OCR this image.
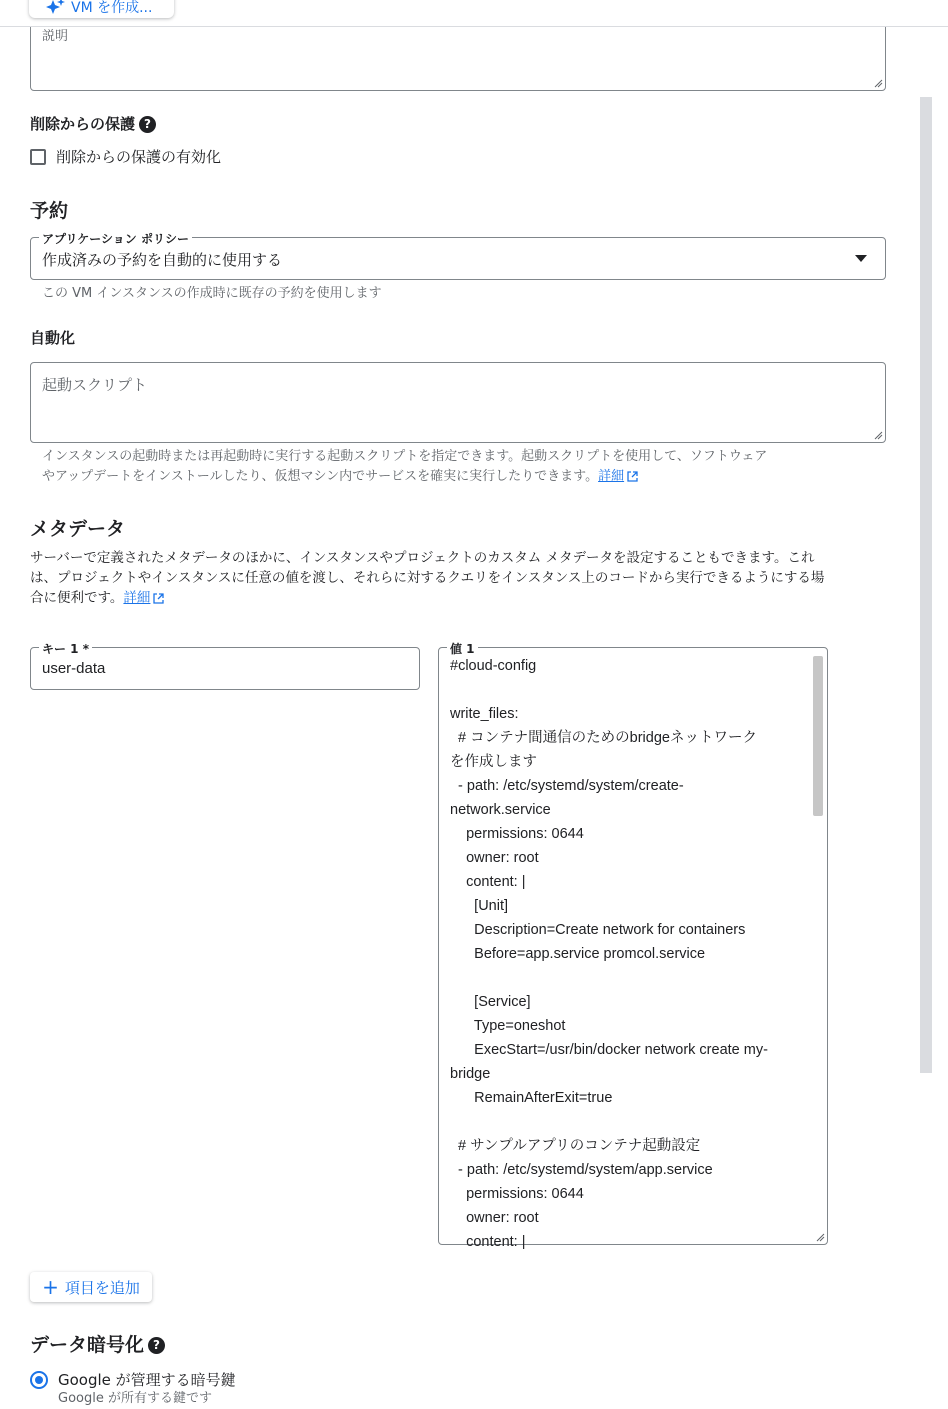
VM を作成...
説明
削除からの保護 ?
削除からの保護の有効化
予約
アプリケーション ポリシー
作成済みの予約を自動的に使用する
この VM インスタンスの作成時に既存の予約を使用します
自動化
起動スクリプト
インスタンスの起動時または再起動時に実行する起動スクリプトを指定できます。起動スクリプトを使用して、ソフトウェア
やアップデートをインストールしたり、仮想マシン内でサービスを確実に実行したりできます。詳細
メタデータ
サーバーで定義されたメタデータのほかに、インスタンスやプロジェクトのカスタム メタデータを設定することもできます。これ
は、プロジェクトやインスタンスに任意の値を渡し、それらに対するクエリをインスタンス上のコードから実行できるようにする場
合に便利です。詳細
キー 1 *
user-data
値 1
#cloud-config

write_files:
# コンテナ間通信のためのbridgeネットワーク
を作成します
- path: /etc/systemd/system/create-
network.service
permissions: 0644
owner: root
content: |
[Unit]
Description=Create network for containers
Before=app.service promcol.service

[Service]
Type=oneshot
ExecStart=/usr/bin/docker network create my-
bridge
RemainAfterExit=true

# サンプルアプリのコンテナ起動設定
- path: /etc/systemd/system/app.service
permissions: 0644
owner: root
content: |
+ 項目を追加
データ暗号化 ?
Google が管理する暗号鍵
Google が所有する鍵です
